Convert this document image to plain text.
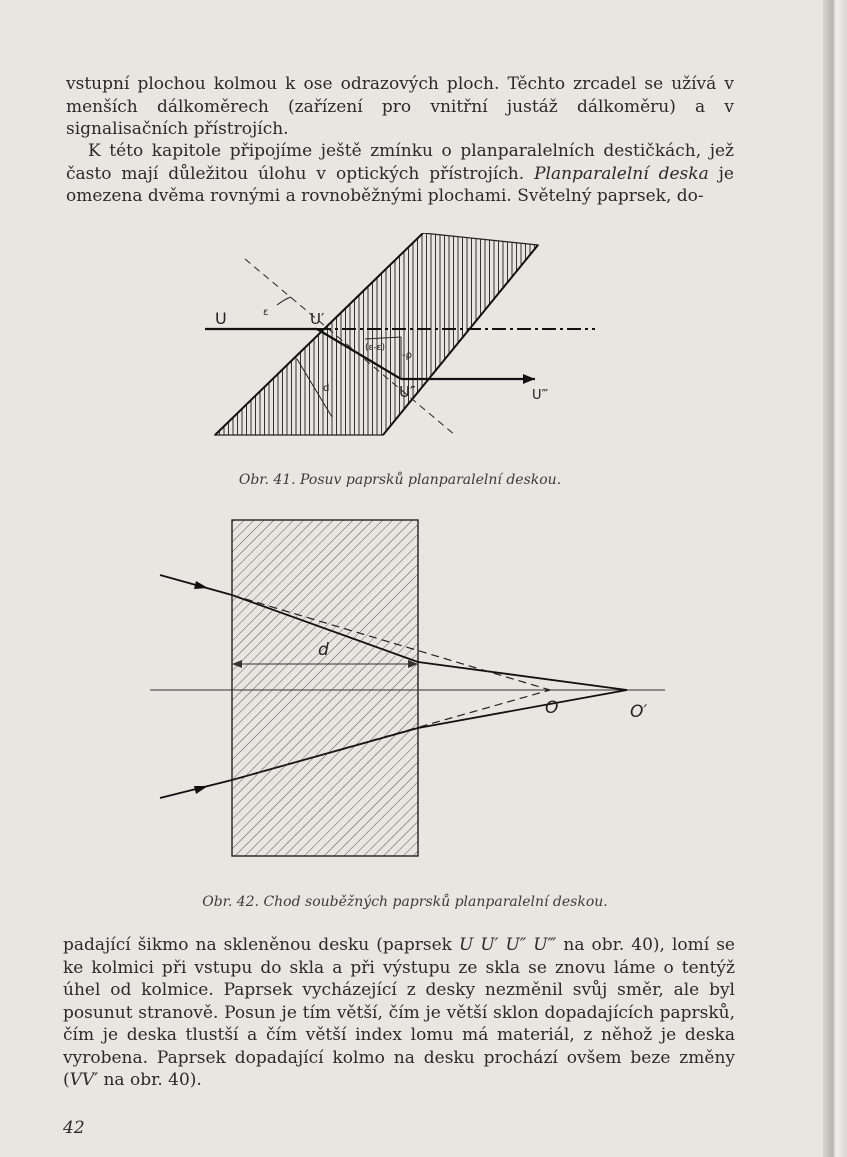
vstupní plochou kolmou k ose odrazových ploch. Těchto zrcadel se užívá v menších dálkoměrech (zařízení pro vnitřní justáž dálkoměru) a v signalisačních přístrojích.

K této kapitole připojíme ještě zmínku o planparalelních destičkách, jež často mají důležitou úlohu v optických přístrojích. Planparalelní deska je omezena dvěma rovnými a rovnoběžnými plochami. Světelný paprsek, do-

U	U′
U″	U‴
ε
(ε-ε)
-ρ
d
Obr. 41. Posuv paprsků planparalelní deskou.
d
O	O′
Obr. 42. Chod souběžných paprsků planparalelní deskou.

padající šikmo na skleněnou desku (paprsek U U′ U″ U‴ na obr. 40), lomí se ke kolmici při vstupu do skla a při výstupu ze skla se znovu láme o tentýž úhel od kolmice. Paprsek vycházející z desky nezměnil svůj směr, ale byl posunut stranově. Posun je tím větší, čím je větší sklon dopadajících paprsků, čím je deska tlustší a čím větší index lomu má materiál, z něhož je deska vyrobena. Paprsek dopadající kolmo na desku prochází ovšem beze změny (VV′ na obr. 40).

42
